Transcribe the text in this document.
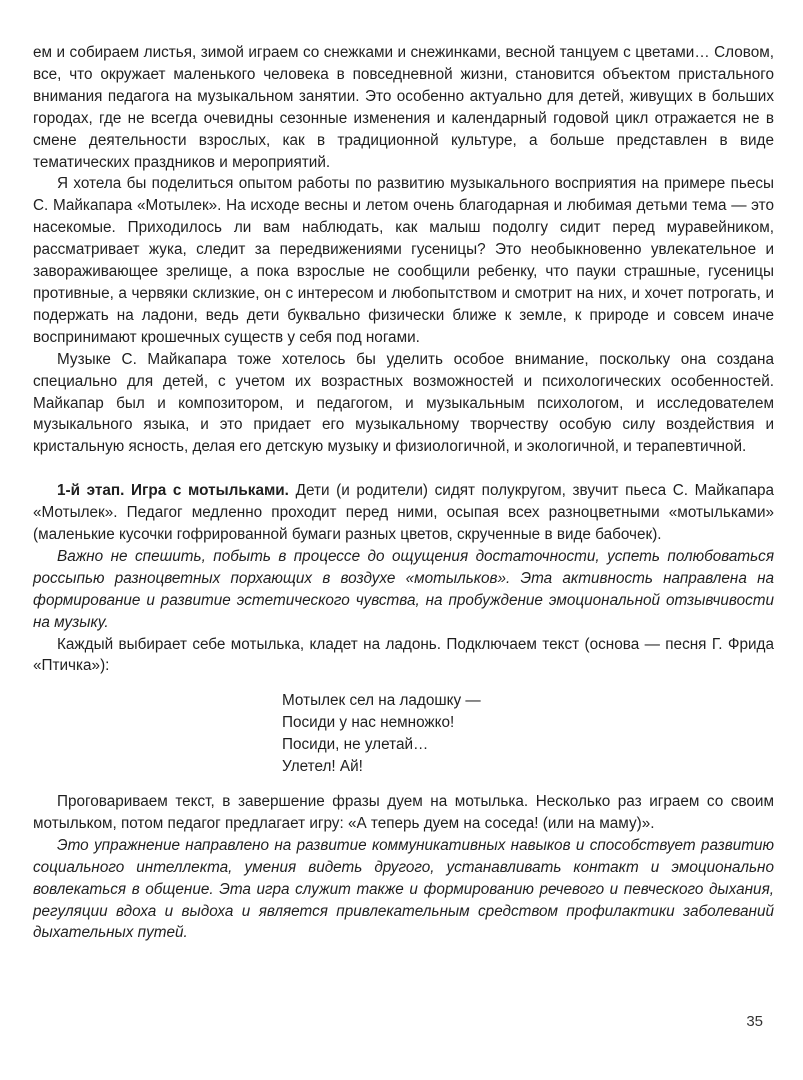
ем и собираем листья, зимой играем со снежками и снежинками, весной танцуем с цветами… Словом, все, что окружает маленького человека в повседневной жизни, становится объектом пристального внимания педагога на музыкальном занятии. Это особенно актуально для детей, живущих в больших городах, где не всегда очевидны сезонные изменения и календарный годовой цикл отражается не в смене деятельности взрослых, как в традиционной культуре, а больше представлен в виде тематических праздников и мероприятий.

Я хотела бы поделиться опытом работы по развитию музыкального восприятия на примере пьесы С. Майкапара «Мотылек». На исходе весны и летом очень благодарная и любимая детьми тема — это насекомые. Приходилось ли вам наблюдать, как малыш подолгу сидит перед муравейником, рассматривает жука, следит за передвижениями гусеницы? Это необыкновенно увлекательное и завораживающее зрелище, а пока взрослые не сообщили ребенку, что пауки страшные, гусеницы противные, а червяки склизкие, он с интересом и любопытством и смотрит на них, и хочет потрогать, и подержать на ладони, ведь дети буквально физически ближе к земле, к природе и совсем иначе воспринимают крошечных существ у себя под ногами.

Музыке С. Майкапара тоже хотелось бы уделить особое внимание, поскольку она создана специально для детей, с учетом их возрастных возможностей и психологических особенностей. Майкапар был и композитором, и педагогом, и музыкальным психологом, и исследователем музыкального языка, и это придает его музыкальному творчеству особую силу воздействия и кристальную ясность, делая его детскую музыку и физиологичной, и экологичной, и терапевтичной.

1-й этап. Игра с мотыльками. Дети (и родители) сидят полукругом, звучит пьеса С. Майкапара «Мотылек». Педагог медленно проходит перед ними, осыпая всех разноцветными «мотыльками» (маленькие кусочки гофрированной бумаги разных цветов, скрученные в виде бабочек).

Важно не спешить, побыть в процессе до ощущения достаточности, успеть полюбоваться россыпью разноцветных порхающих в воздухе «мотыльков». Эта активность направлена на формирование и развитие эстетического чувства, на пробуждение эмоциональной отзывчивости на музыку.

Каждый выбирает себе мотылька, кладет на ладонь. Подключаем текст (основа — песня Г. Фрида «Птичка»):

Мотылек сел на ладошку —
Посиди у нас немножко!
Посиди, не улетай…
Улетел! Ай!

Проговариваем текст, в завершение фразы дуем на мотылька. Несколько раз играем со своим мотыльком, потом педагог предлагает игру: «А теперь дуем на соседа! (или на маму)».

Это упражнение направлено на развитие коммуникативных навыков и способствует развитию социального интеллекта, умения видеть другого, устанавливать контакт и эмоционально вовлекаться в общение. Эта игра служит также и формированию речевого и певческого дыхания, регуляции вдоха и выдоха и является привлекательным средством профилактики заболеваний дыхательных путей.

35
